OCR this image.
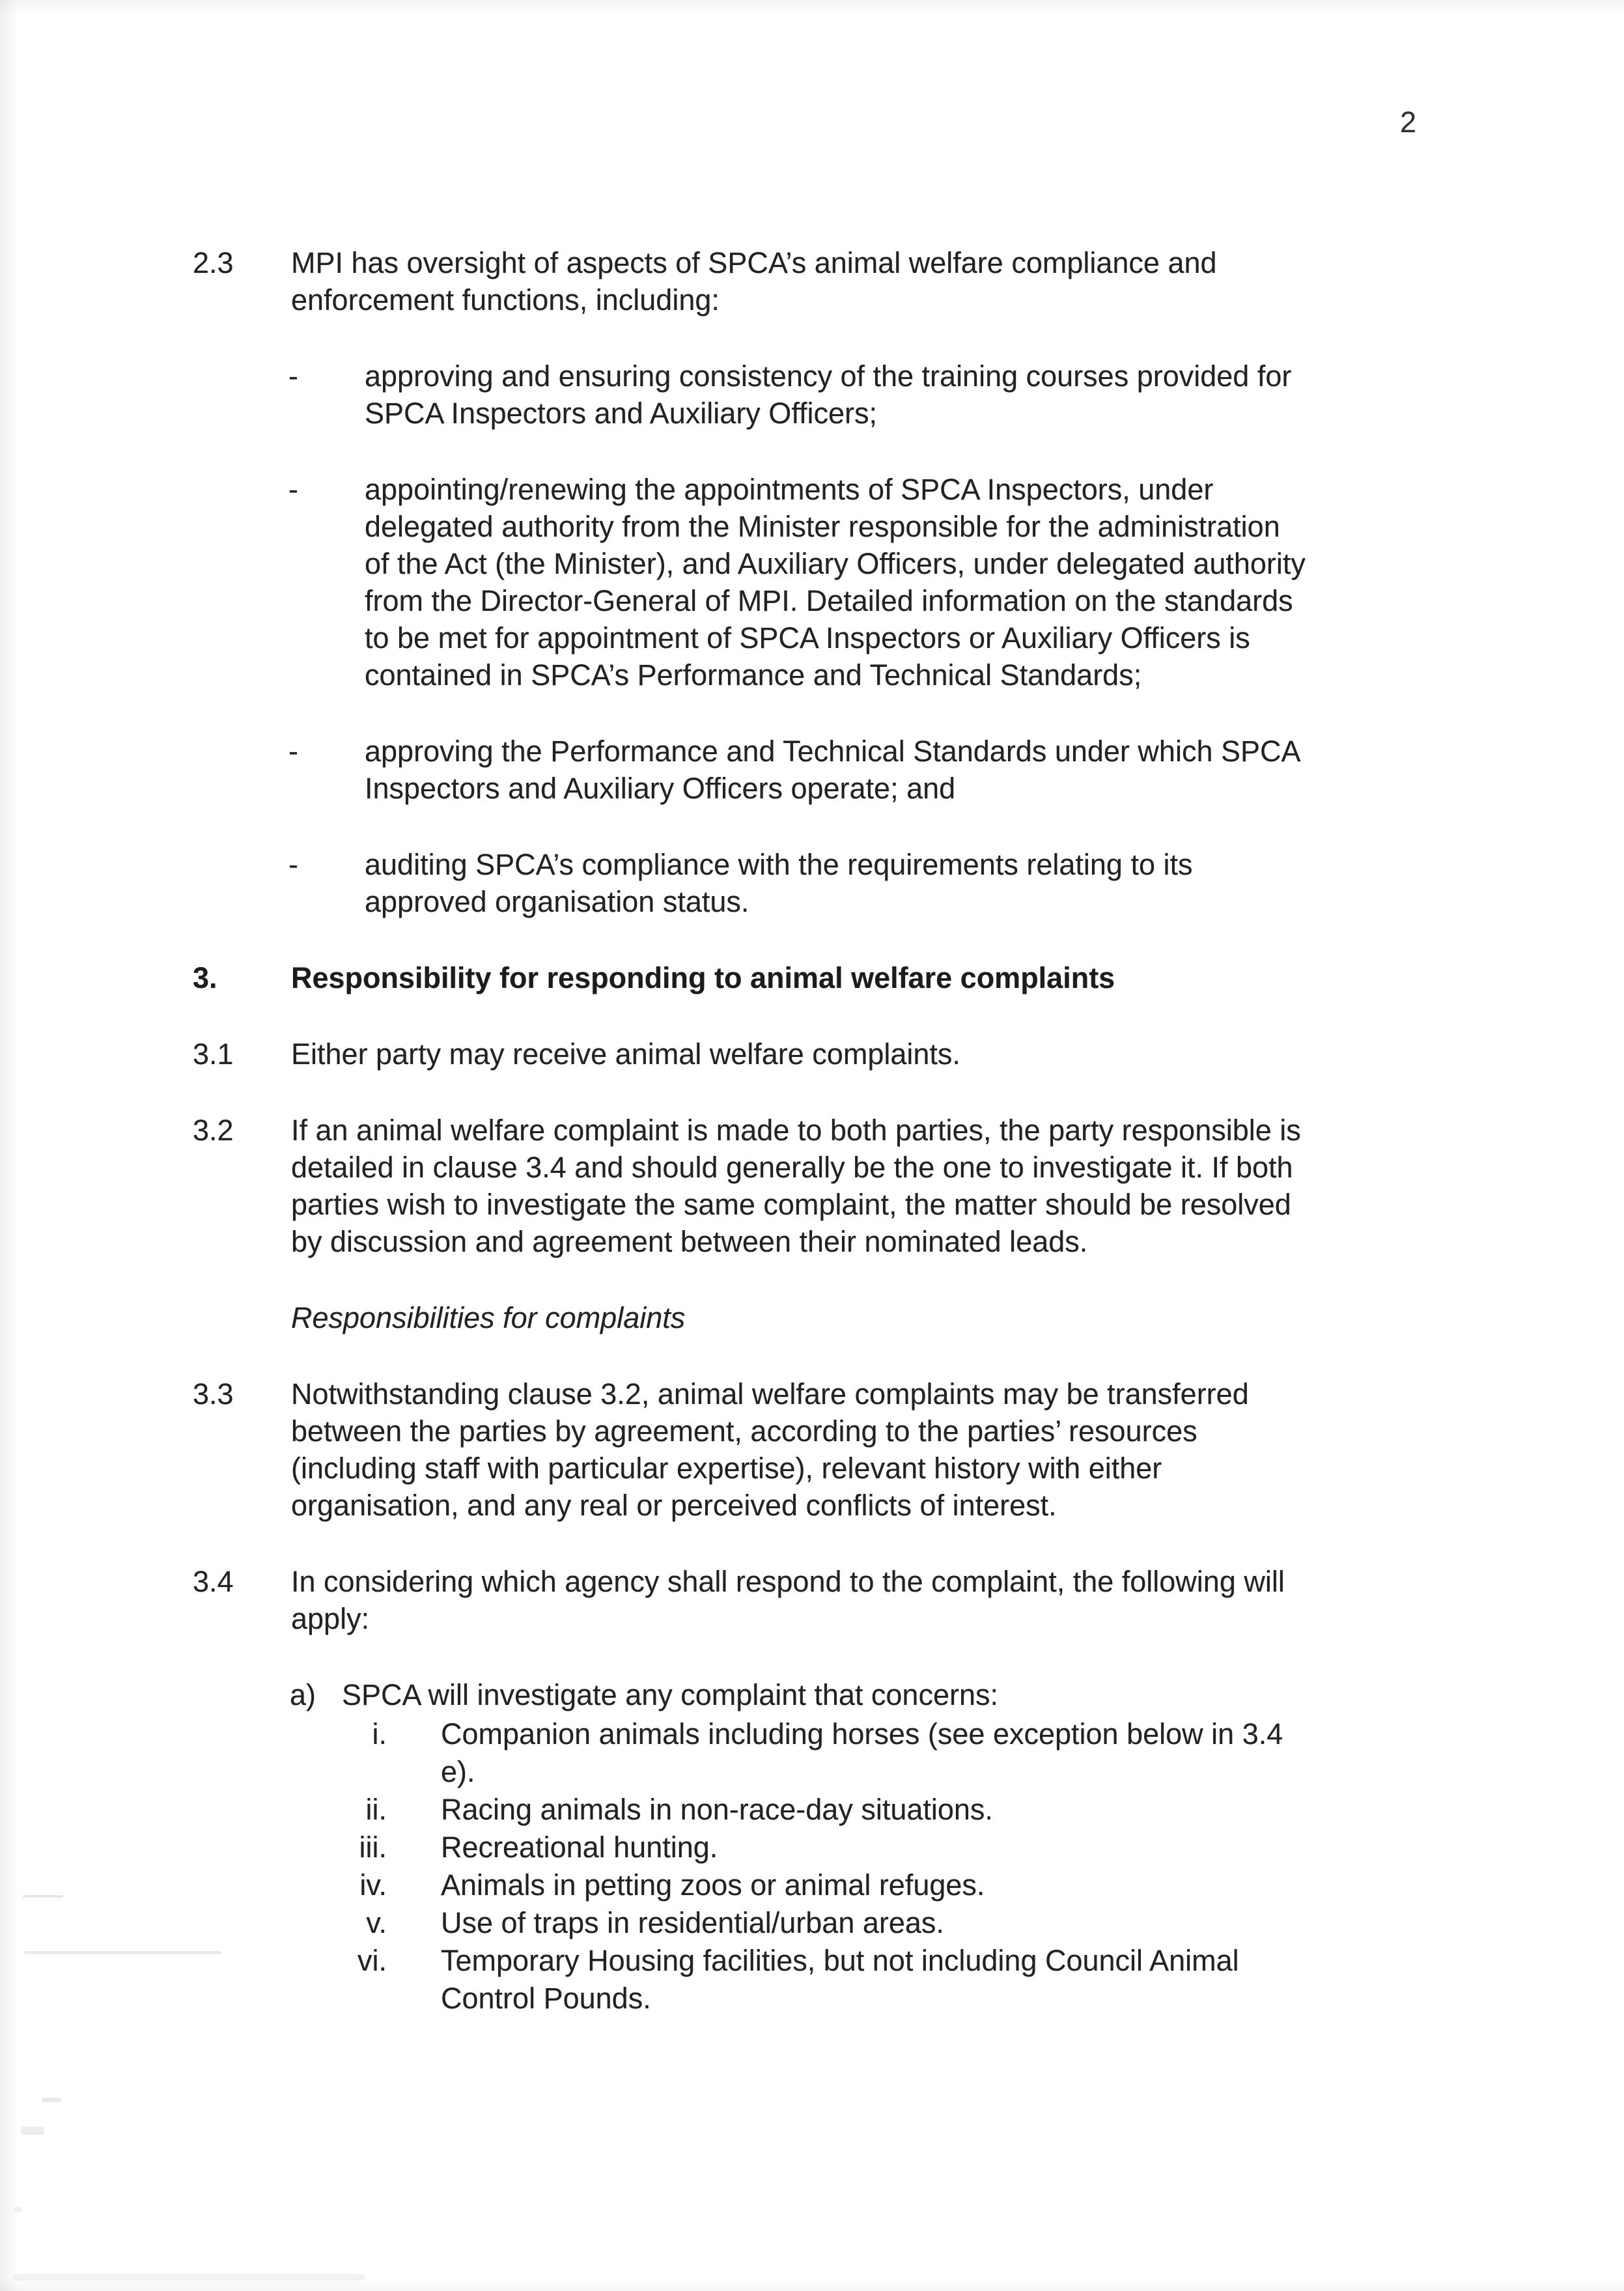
2
2.3 MPI has oversight of aspects of SPCA’s animal welfare compliance and
enforcement functions, including:
- approving and ensuring consistency of the training courses provided for
SPCA Inspectors and Auxiliary Officers;
- appointing/renewing the appointments of SPCA Inspectors, under
delegated authority from the Minister responsible for the administration
of the Act (the Minister), and Auxiliary Officers, under delegated authority
from the Director-General of MPI. Detailed information on the standards
to be met for appointment of SPCA Inspectors or Auxiliary Officers is
contained in SPCA’s Performance and Technical Standards;
- approving the Performance and Technical Standards under which SPCA
Inspectors and Auxiliary Officers operate; and
- auditing SPCA’s compliance with the requirements relating to its
approved organisation status.
3.	Responsibility for responding to animal welfare complaints
3.1 Either party may receive animal welfare complaints.
3.2 If an animal welfare complaint is made to both parties, the party responsible is
detailed in clause 3.4 and should generally be the one to investigate it. If both
parties wish to investigate the same complaint, the matter should be resolved
by discussion and agreement between their nominated leads.
Responsibilities for complaints
3.3 Notwithstanding clause 3.2, animal welfare complaints may be transferred
between the parties by agreement, according to the parties’ resources
(including staff with particular expertise), relevant history with either
organisation, and any real or perceived conflicts of interest.
3.4 In considering which agency shall respond to the complaint, the following will
apply:
a) SPCA will investigate any complaint that concerns:
i. Companion animals including horses (see exception below in 3.4
e).
ii. Racing animals in non-race-day situations.
iii. Recreational hunting.
iv. Animals in petting zoos or animal refuges.
v. Use of traps in residential/urban areas.
vi. Temporary Housing facilities, but not including Council Animal
Control Pounds.
